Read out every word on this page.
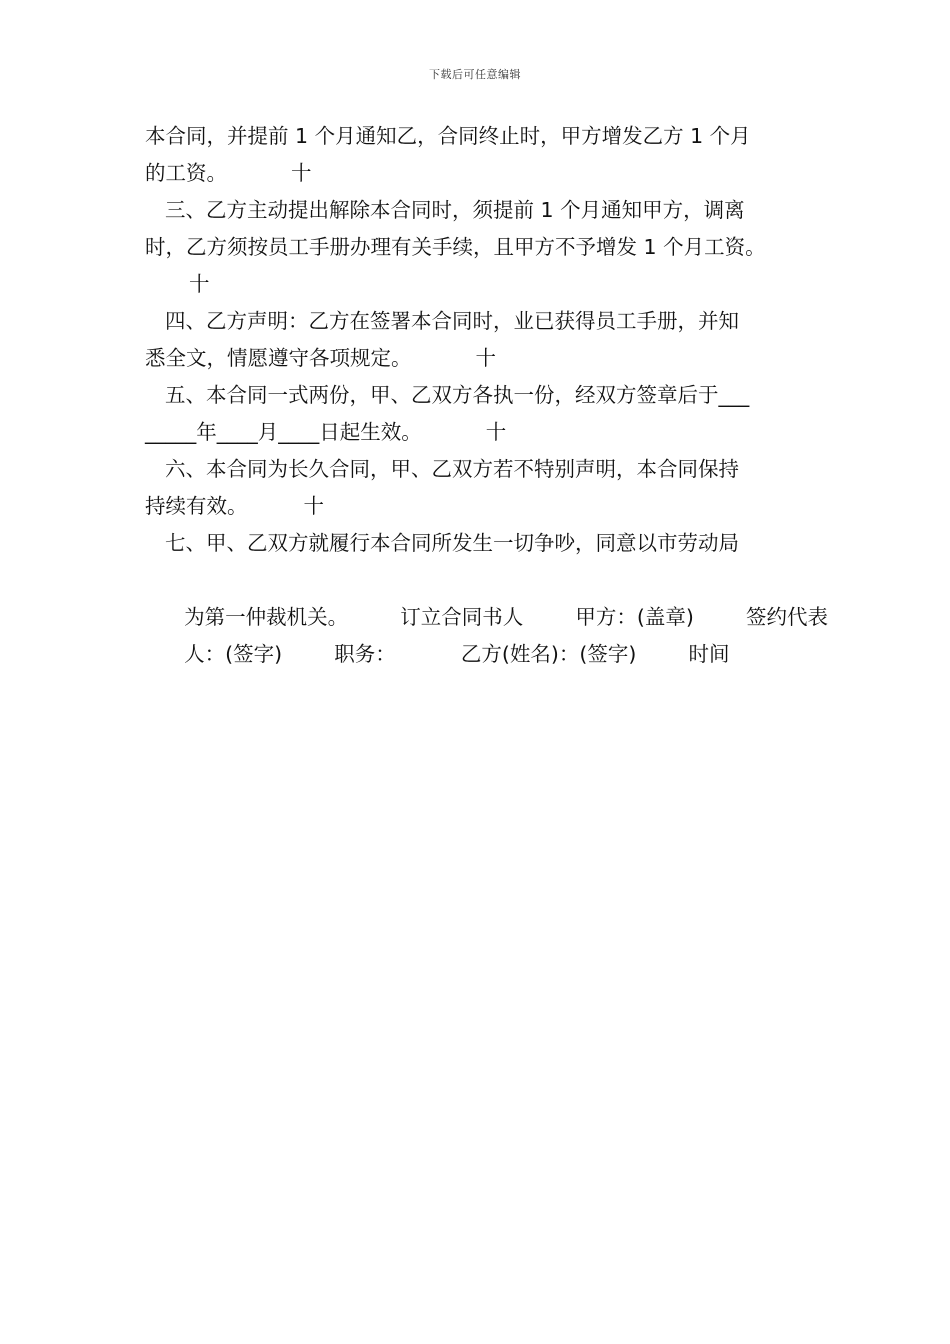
下载后可任意编辑
本合同，并提前 1 个月通知乙，合同终止时，甲方增发乙方 1 个月
的工资。	十
三、乙方主动提出解除本合同时，须提前 1 个月通知甲方，调离
时，乙方须按员工手册办理有关手续，且甲方不予增发 1 个月工资。
十
四、乙方声明：乙方在签署本合同时，业已获得员工手册，并知
悉全文，情愿遵守各项规定。	十
五、本合同一式两份，甲、乙双方各执一份，经双方签章后于___
_____年____月____日起生效。	十
六、本合同为长久合同，甲、乙双方若不特别声明，本合同保持
持续有效。	十
七、甲、乙双方就履行本合同所发生一切争吵，同意以市劳动局

为第一仲裁机关。        订立合同书人        甲方：(盖章)        签约代表

人：(签字)        职务：          乙方(姓名)：(签字)        时间
